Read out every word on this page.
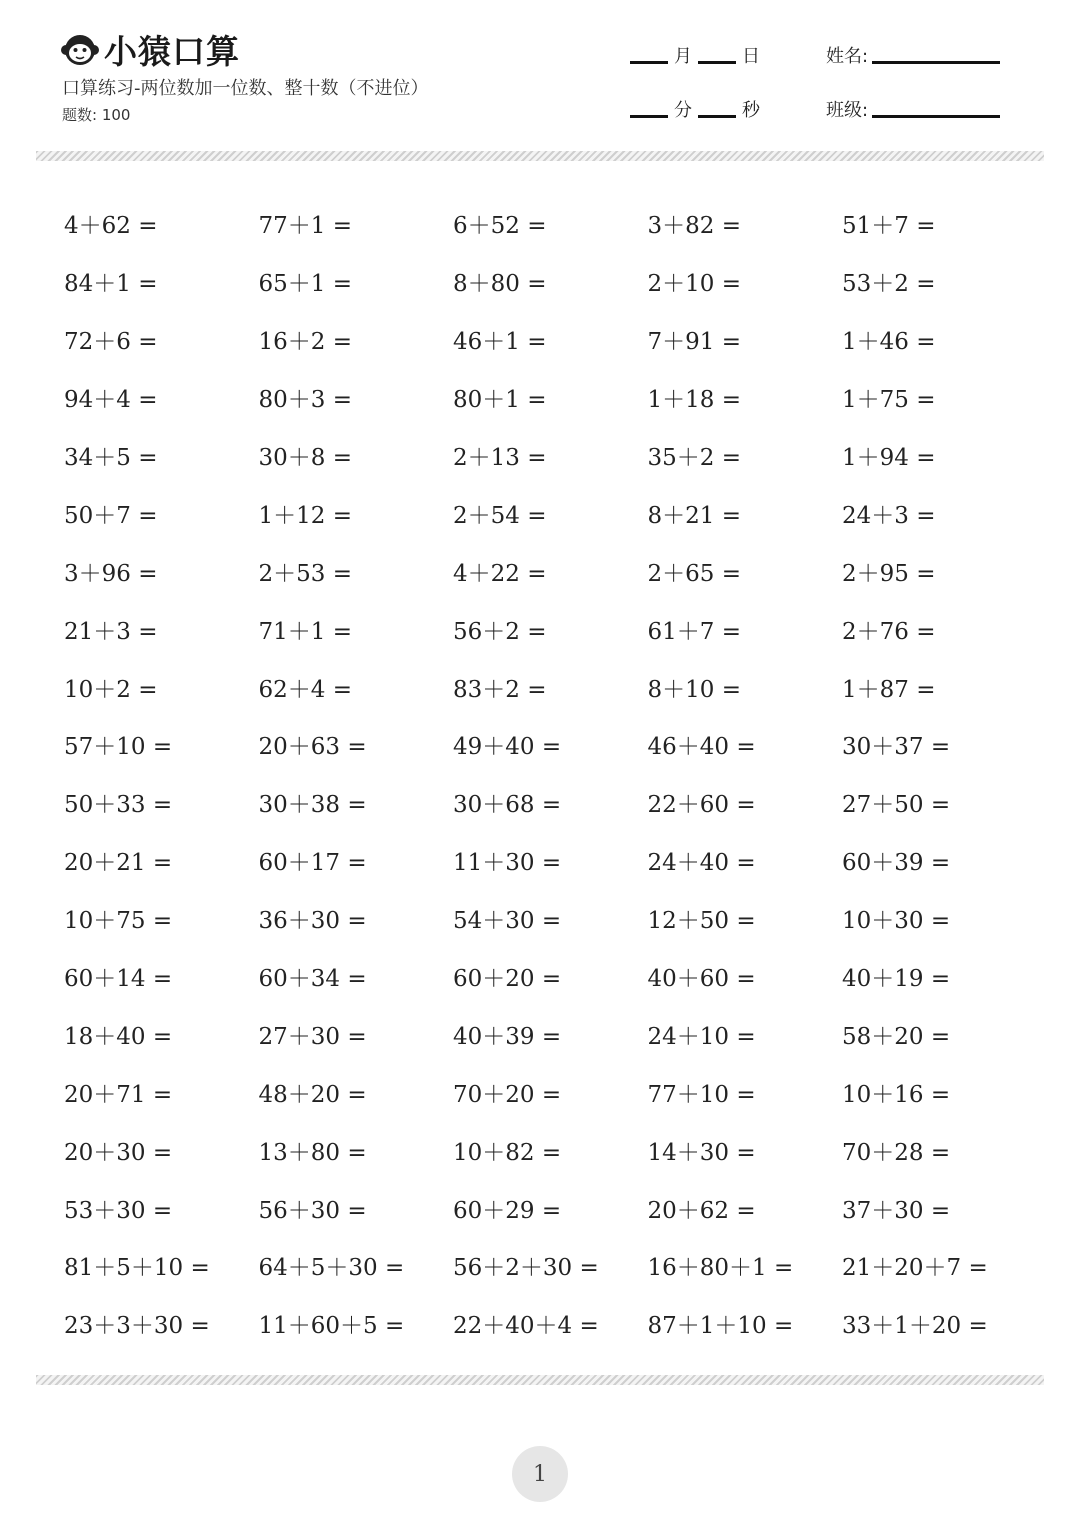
小猿口算
口算练习-两位数加一位数、整十数（不进位）
题数: 100
月	日	姓名:
分	秒	班级:
4＋62 =	77＋1 =	6＋52 =	3＋82 =	51＋7 =
84＋1 =	65＋1 =	8＋80 =	2＋10 =	53＋2 =
72＋6 =	16＋2 =	46＋1 =	7＋91 =	1＋46 =
94＋4 =	80＋3 =	80＋1 =	1＋18 =	1＋75 =
34＋5 =	30＋8 =	2＋13 =	35＋2 =	1＋94 =
50＋7 =	1＋12 =	2＋54 =	8＋21 =	24＋3 =
3＋96 =	2＋53 =	4＋22 =	2＋65 =	2＋95 =
21＋3 =	71＋1 =	56＋2 =	61＋7 =	2＋76 =
10＋2 =	62＋4 =	83＋2 =	8＋10 =	1＋87 =
57＋10 =	20＋63 =	49＋40 =	46＋40 =	30＋37 =
50＋33 =	30＋38 =	30＋68 =	22＋60 =	27＋50 =
20＋21 =	60＋17 =	11＋30 =	24＋40 =	60＋39 =
10＋75 =	36＋30 =	54＋30 =	12＋50 =	10＋30 =
60＋14 =	60＋34 =	60＋20 =	40＋60 =	40＋19 =
18＋40 =	27＋30 =	40＋39 =	24＋10 =	58＋20 =
20＋71 =	48＋20 =	70＋20 =	77＋10 =	10＋16 =
20＋30 =	13＋80 =	10＋82 =	14＋30 =	70＋28 =
53＋30 =	56＋30 =	60＋29 =	20＋62 =	37＋30 =
81＋5＋10 =	64＋5＋30 =	56＋2＋30 =	16＋80＋1 =	21＋20＋7 =
23＋3＋30 =	11＋60＋5 =	22＋40＋4 =	87＋1＋10 =	33＋1＋20 =
1
